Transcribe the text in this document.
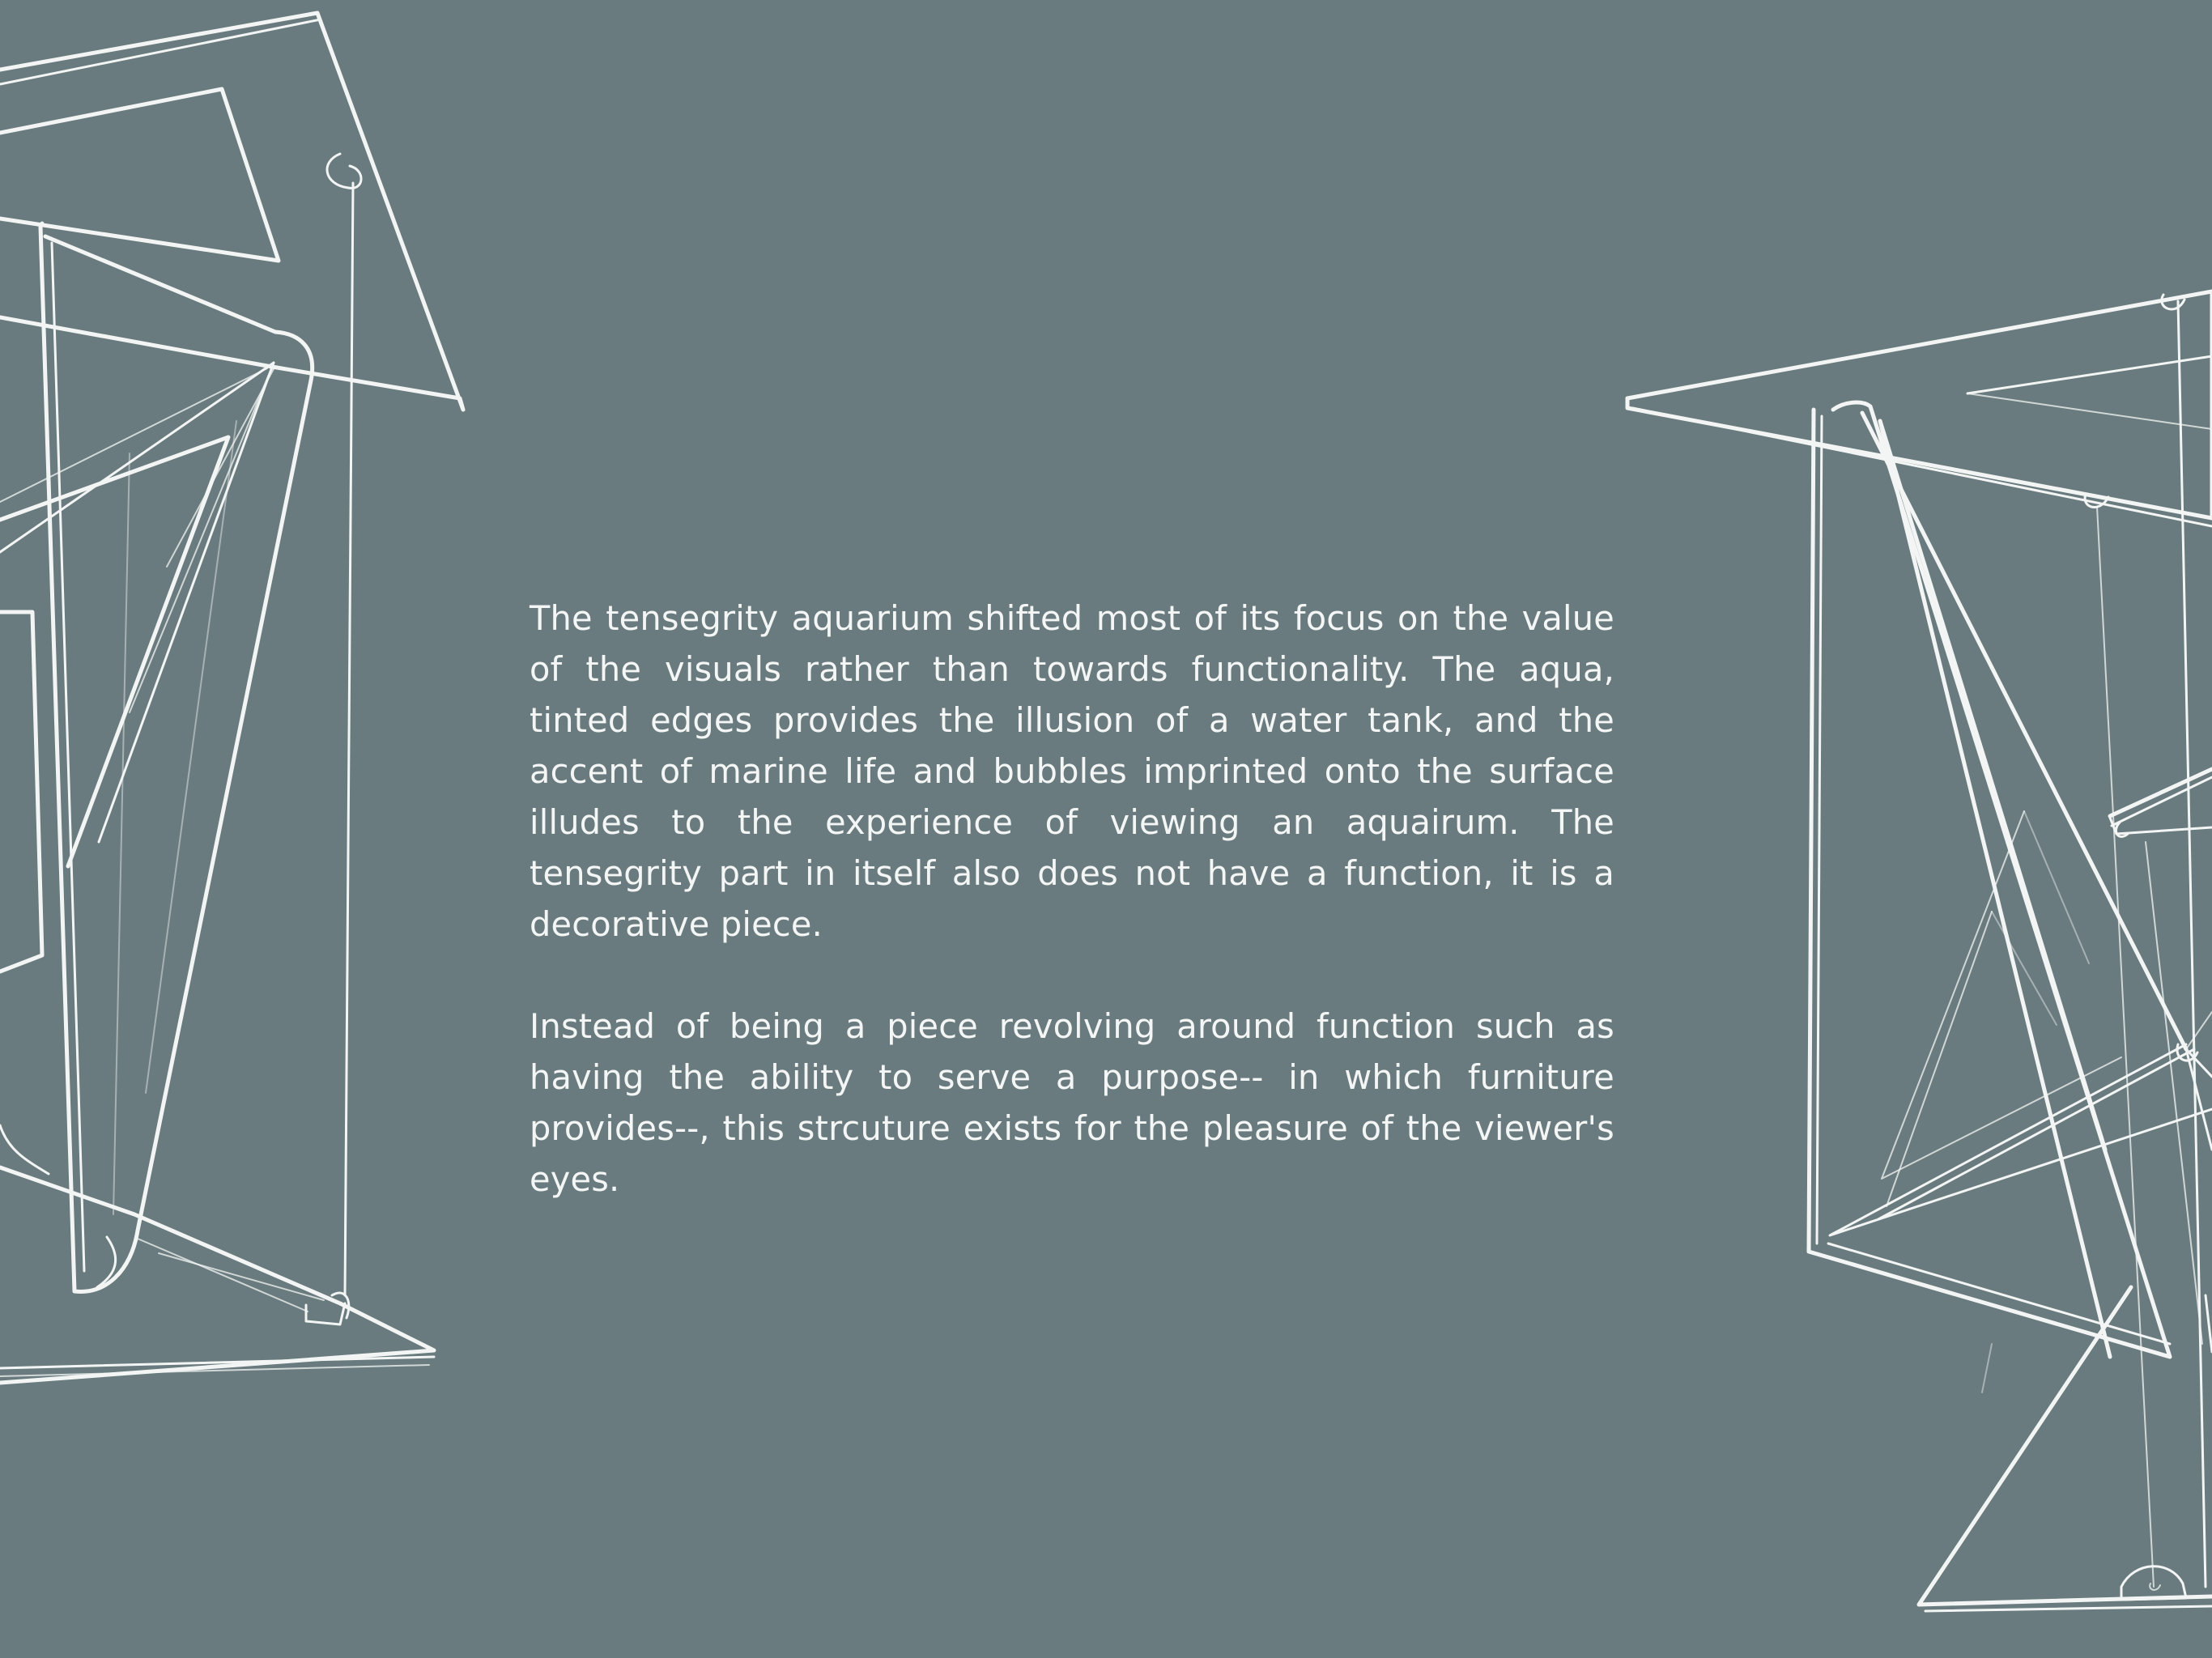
The tensegrity aquarium shifted most of its focus on the value of the visuals rather than towards functionality. The aqua, tinted edges provides the illusion of a water tank, and the accent of marine life and bubbles imprinted onto the surface illudes to the experience of viewing an aquairum. The tensegrity part in itself also does not have a function, it is a decorative piece.

Instead of being a piece revolving around function such as having the ability to serve a purpose-- in which furniture provides--, this strcuture exists for the pleasure of the viewer's eyes.
